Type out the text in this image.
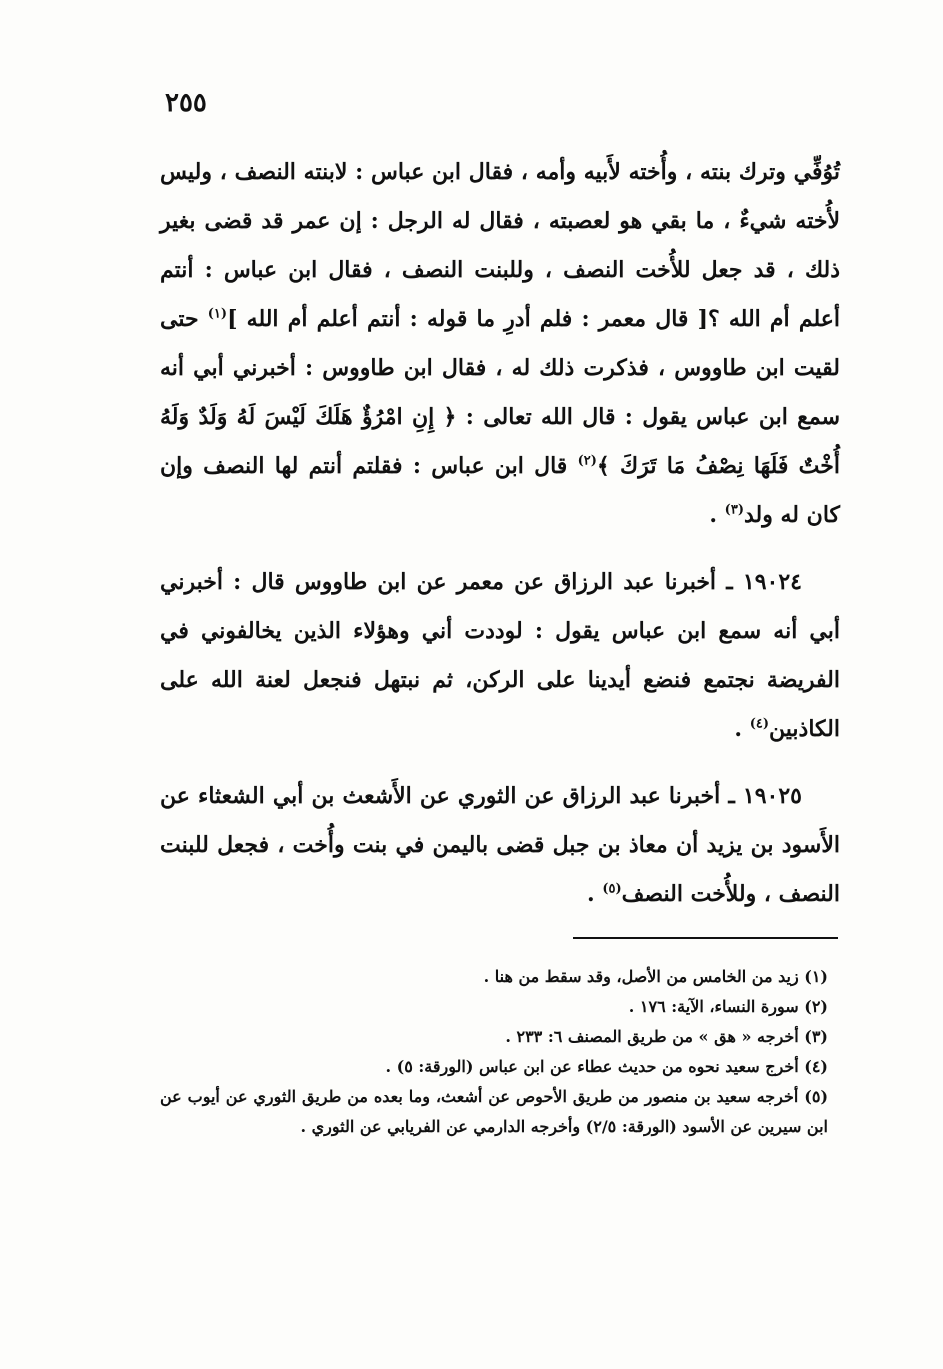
٢٥٥

تُوُفِّي وترك بنته ، وأُخته لأَبيه وأمه ، فقال ابن عباس : لابنته النصف ، وليس لأُخته شيءٌ ، ما بقي هو لعصبته ، فقال له الرجل : إن عمر قد قضى بغير ذلك ، قد جعل للأُخت النصف ، وللبنت النصف ، فقال ابن عباس : أنتم أعلم أم الله ؟[ قال معمر : فلم أدرِ ما قوله : أنتم أعلم أم الله ]$^{(١)}$ حتى لقيت ابن طاووس ، فذكرت ذلك له ، فقال ابن طاووس : أخبرني أبي أنه سمع ابن عباس يقول : قال الله تعالى : ﴿ إِنِ امْرُؤٌ هَلَكَ لَيْسَ لَهُ وَلَدٌ وَلَهُ أُخْتٌ فَلَهَا نِصْفُ مَا تَرَكَ ﴾$^{(٢)}$ قال ابن عباس : فقلتم أنتم لها النصف وإن كان له ولد$^{(٣)}$ .

١٩٠٢٤ ـ أخبرنا عبد الرزاق عن معمر عن ابن طاووس قال : أخبرني أبي أنه سمع ابن عباس يقول : لوددت أني وهؤلاء الذين يخالفوني في الفريضة نجتمع فنضع أيدينا على الركن، ثم نبتهل فنجعل لعنة الله على الكاذبين$^{(٤)}$ .

١٩٠٢٥ ـ أخبرنا عبد الرزاق عن الثوري عن الأَشعث بن أبي الشعثاء عن الأَسود بن يزيد أن معاذ بن جبل قضى باليمن في بنت وأُخت ، فجعل للبنت النصف ، وللأُخت النصف$^{(٥)}$ .

(١) زيد من الخامس من الأصل، وقد سقط من هنا .

(٢) سورة النساء، الآية: ١٧٦ .

(٣) أخرجه « هق » من طريق المصنف ٦: ٢٣٣ .

(٤) أخرج سعيد نحوه من حديث عطاء عن ابن عباس (الورقة: ٥) .

(٥) أخرجه سعيد بن منصور من طريق الأحوص عن أشعث، وما بعده من طريق الثوري عن أيوب عن ابن سيرين عن الأسود (الورقة: ٢/٥) وأخرجه الدارمي عن الفريابي عن الثوري .
